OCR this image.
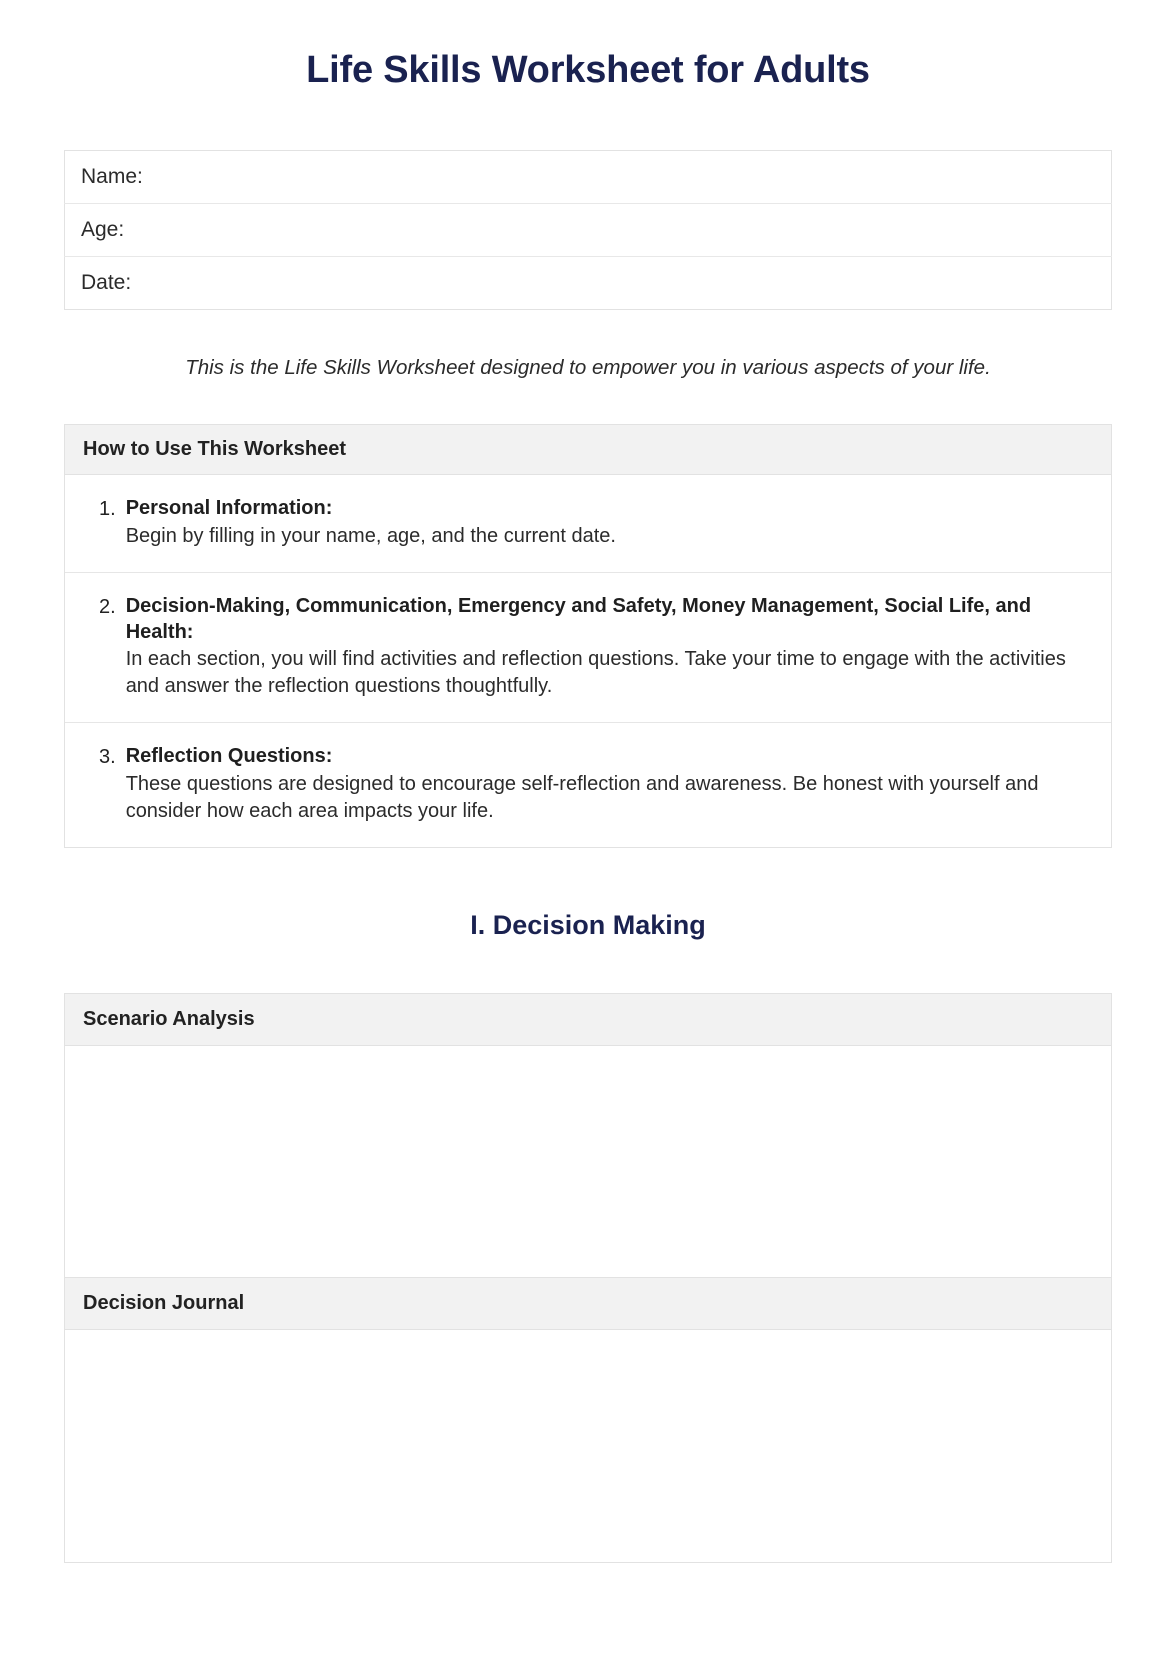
Life Skills Worksheet for Adults
Name:	
Age:	
Date:	

This is the Life Skills Worksheet designed to empower you in various aspects of your life.

How to Use This Worksheet
1. Personal Information:
Begin by filling in your name, age, and the current date.
2. Decision-Making, Communication, Emergency and Safety, Money Management, Social Life, and Health:
In each section, you will find activities and reflection questions. Take your time to engage with the activities and answer the reflection questions thoughtfully.
3. Reflection Questions:
These questions are designed to encourage self-reflection and awareness. Be honest with yourself and consider how each area impacts your life.
I. Decision Making
Scenario Analysis
Decision Journal
